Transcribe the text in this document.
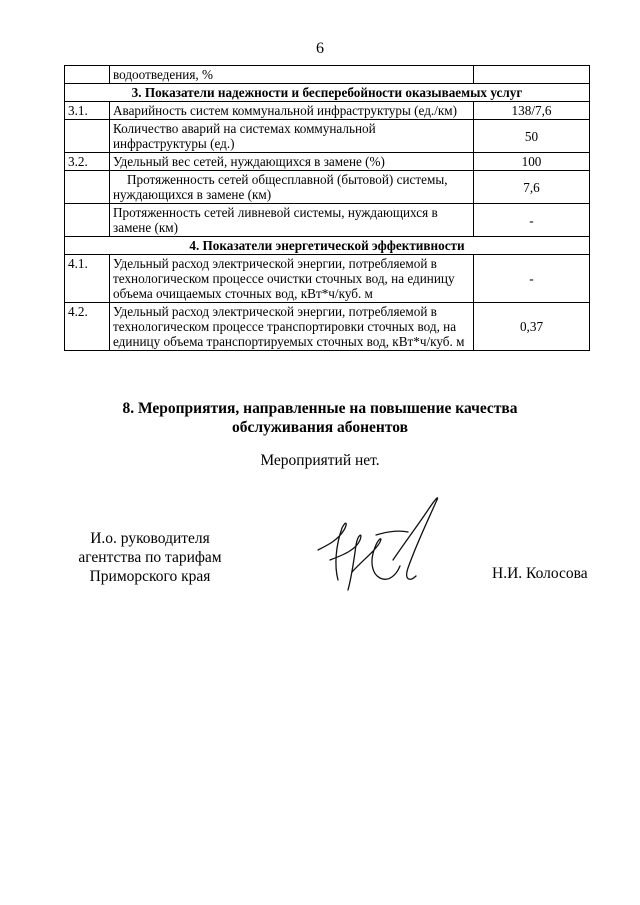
6
	водоотведения, %	
3. Показатели надежности и бесперебойности оказываемых услуг		
3.1.	Аварийность систем коммунальной инфраструктуры (ед./км)	138/7,6
	Количество аварий на системах коммунальной инфраструктуры (ед.)	50
3.2.	Удельный вес сетей, нуждающихся в замене (%)	100

	Протяженность сетей общесплавной (бытовой) системы, нуждающихся в замене (км)	7,6
	Протяженность сетей ливневой системы, нуждающихся в замене (км)	-
4. Показатели энергетической эффективности		
4.1.	Удельный расход электрической энергии, потребляемой в технологическом процессе очистки сточных вод, на единицу объема очищаемых сточных вод, кВт*ч/куб. м	-
4.2.	Удельный расход электрической энергии, потребляемой в технологическом процессе транспортировки сточных вод, на единицу объема транспортируемых сточных вод, кВт*ч/куб. м	0,37
8. Мероприятия, направленные на повышение качества
обслуживания абонентов
Мероприятий нет.
И.о. руководителя
агентства по тарифам
Приморского края	Н.И. Колосова
